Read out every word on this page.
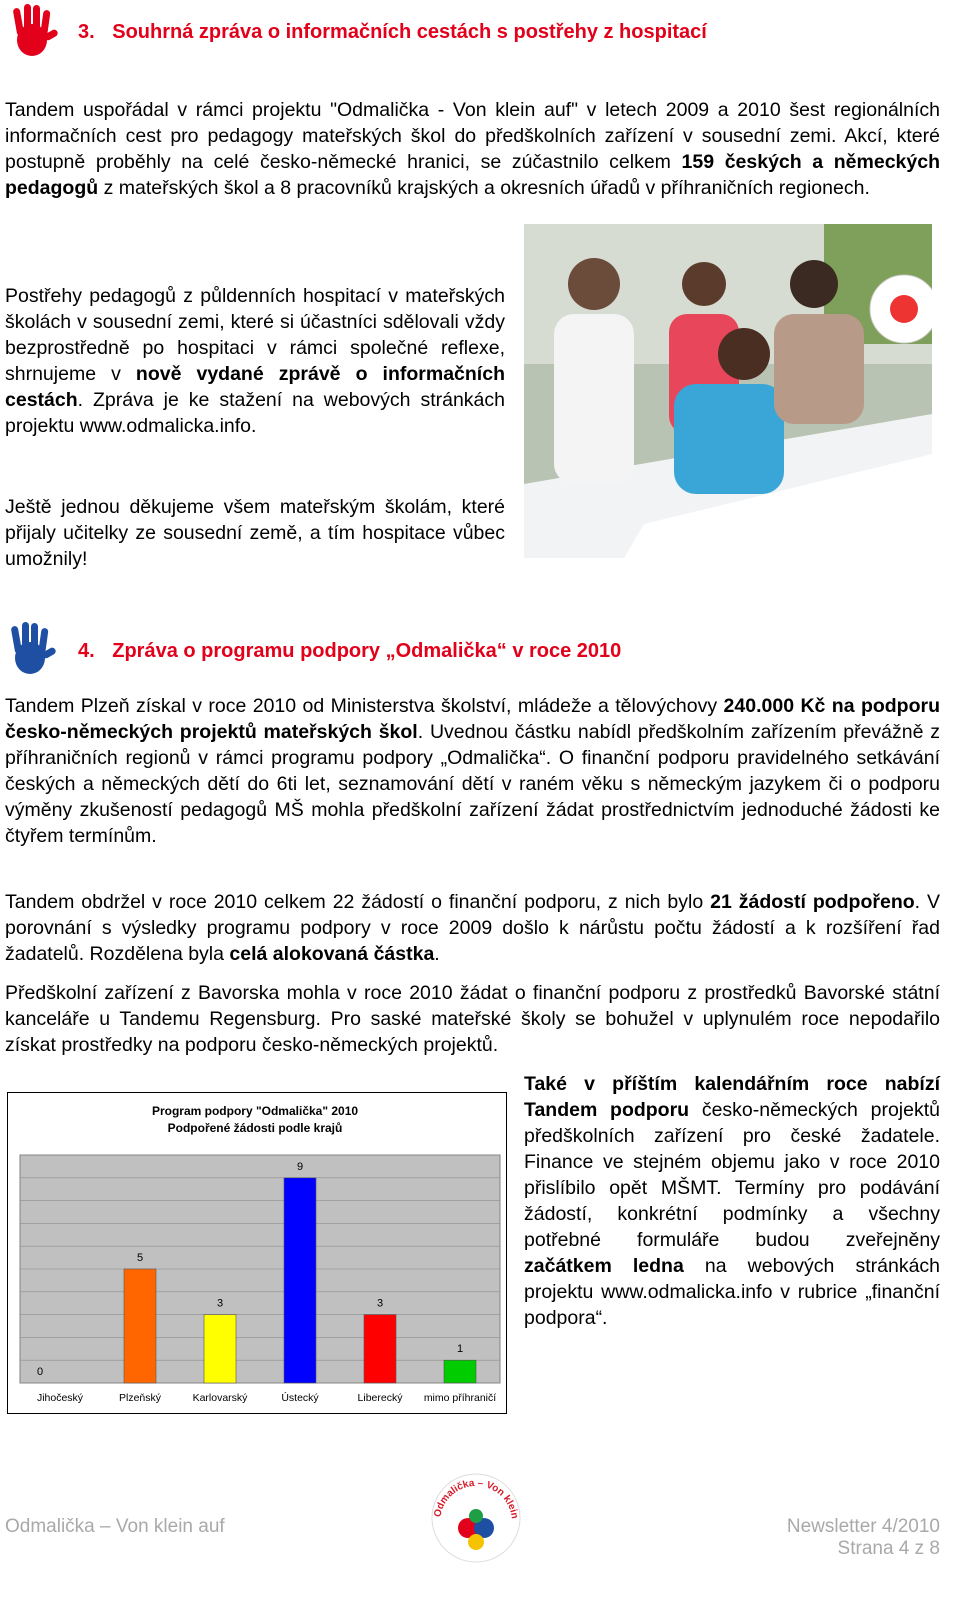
3. Souhrná zpráva o informačních cestách s postřehy z hospitací
Tandem uspořádal v rámci projektu "Odmalička - Von klein auf" v letech 2009 a 2010 šest regionálních informačních cest pro pedagogy mateřských škol do předškolních zařízení v sousední zemi. Akcí, které postupně proběhly na celé česko-německé hranici, se zúčastnilo celkem 159 českých a německých pedagogů z mateřských škol a 8 pracovníků krajských a okresních úřadů v příhraničních regionech.
Postřehy pedagogů z půldenních hospitací v mateřských školách v sousední zemi, které si účastníci sdělovali vždy bezprostředně po hospitaci v rámci společné reflexe, shrnujeme v nově vydané zprávě o informačních cestách. Zpráva je ke stažení na webových stránkách projektu www.odmalicka.info.
Ještě jednou děkujeme všem mateřským školám, které přijaly učitelky ze sousední země, a tím hospitace vůbec umožnily!
4. Zpráva o programu podpory „Odmalička“ v roce 2010
Tandem Plzeň získal v roce 2010 od Ministerstva školství, mládeže a tělovýchovy 240.000 Kč na podporu česko-německých projektů mateřských škol. Uvednou částku nabídl předškolním zařízením převážně z příhraničních regionů v rámci programu podpory „Odmalička“. O finanční podporu pravidelného setkávání českých a německých dětí do 6ti let, seznamování dětí v raném věku s německým jazykem či o podporu výměny zkušeností pedagogů MŠ mohla předškolní zařízení žádat prostřednictvím jednoduché žádosti ke čtyřem termínům.
Tandem obdržel v roce 2010 celkem 22 žádostí o finanční podporu, z nich bylo 21 žádostí podpořeno. V porovnání s výsledky programu podpory v roce 2009 došlo k nárůstu počtu žádostí a k rozšíření řad žadatelů. Rozdělena byla celá alokovaná částka.
Předškolní zařízení z Bavorska mohla v roce 2010 žádat o finanční podporu z prostředků Bavorské státní kanceláře u Tandemu Regensburg. Pro saské mateřské školy se bohužel v uplynulém roce nepodařilo získat prostředky na podporu česko-německých projektů.
Program podpory "Odmalička" 2010
Podpořené žádosti podle krajů
0
Jihočeský
5
Plzeňský
3
Karlovarský
9
Ústecký
3
Liberecký
1
mimo příhraničí
Také v příštím kalendářním roce nabízí Tandem podporu česko-německých projektů předškolních zařízení pro české žadatele. Finance ve stejném objemu jako v roce 2010 přislíbilo opět MŠMT. Termíny pro podávání žádostí, konkrétní podmínky a všechny potřebné formuláře budou zveřejněny začátkem ledna na webových stránkách projektu www.odmalicka.info v rubrice „finanční podpora“.
Odmalička – Von klein
Odmalička – Von klein auf	Newsletter 4/2010
Strana 4 z 8
